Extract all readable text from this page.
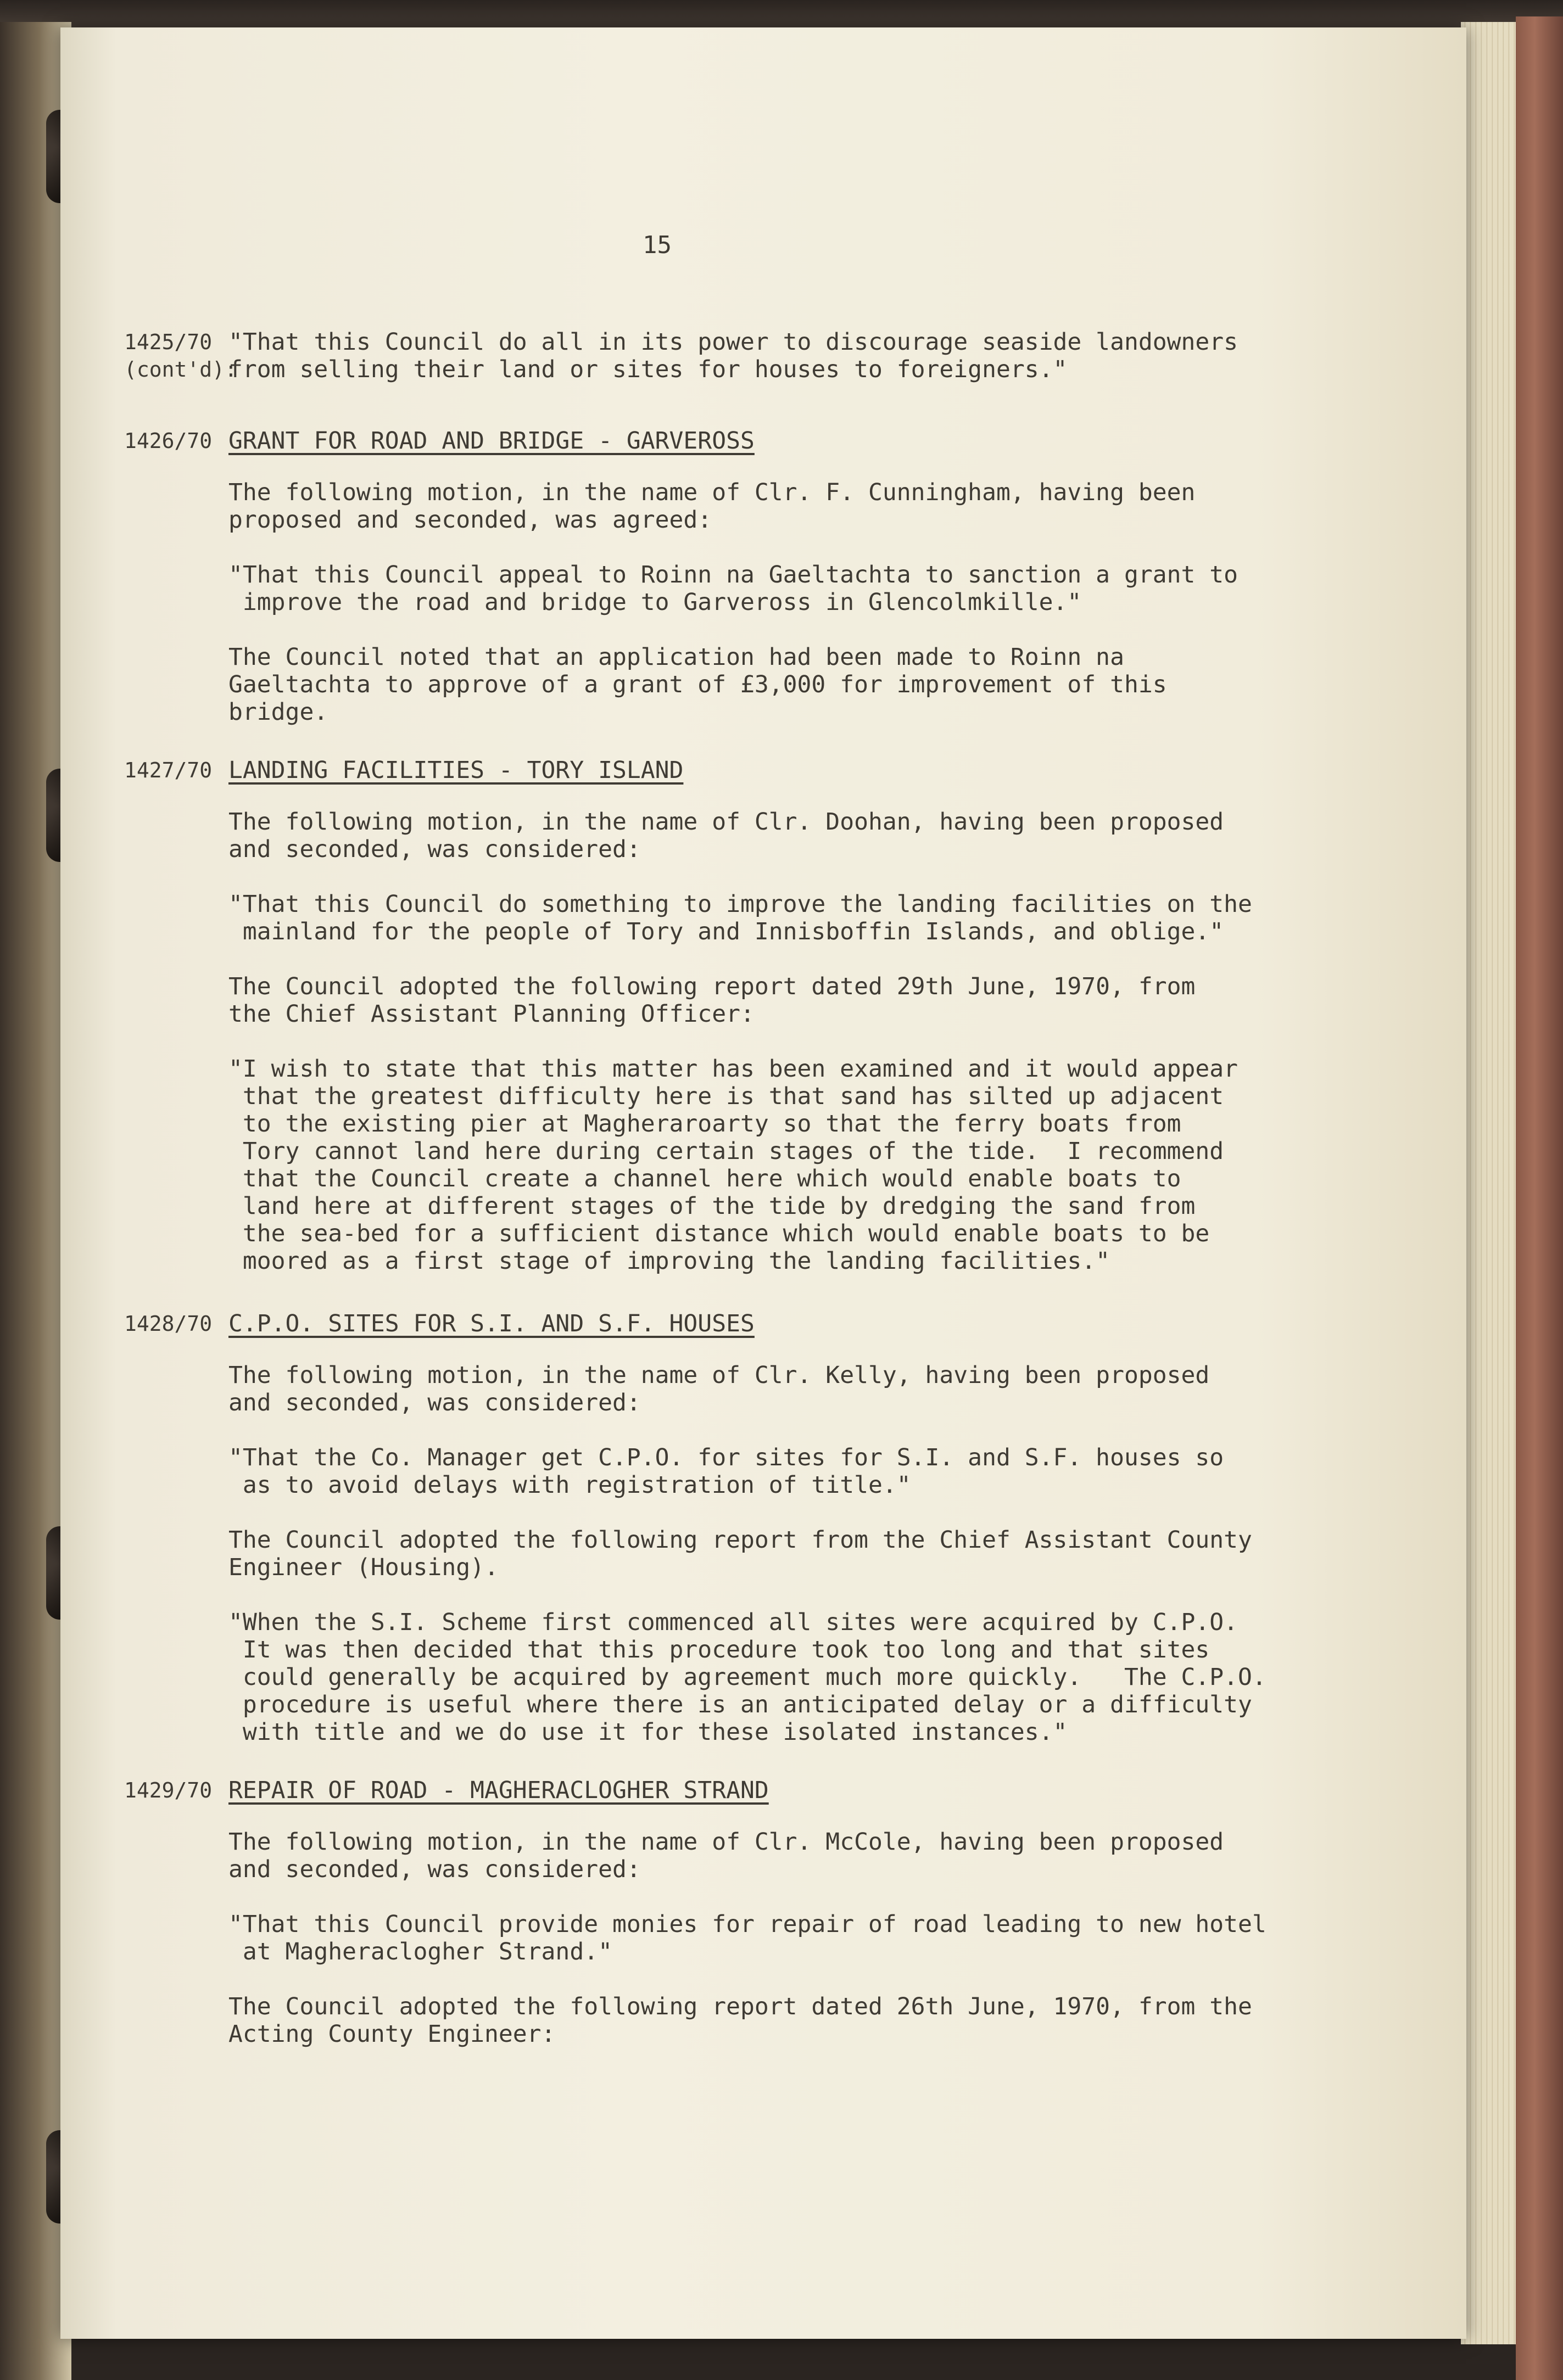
15
1425/70
(cont'd):

"That this Council do all in its power to discourage seaside landowners
from selling their land or sites for houses to foreigners."

1426/70 GRANT FOR ROAD AND BRIDGE - GARVEROSS

The following motion, in the name of Clr. F. Cunningham, having been
proposed and seconded, was agreed:

"That this Council appeal to Roinn na Gaeltachta to sanction a grant to
improve the road and bridge to Garveross in Glencolmkille."

The Council noted that an application had been made to Roinn na
Gaeltachta to approve of a grant of £3,000 for improvement of this
bridge.

1427/70 LANDING FACILITIES - TORY ISLAND

The following motion, in the name of Clr. Doohan, having been proposed
and seconded, was considered:

"That this Council do something to improve the landing facilities on the
mainland for the people of Tory and Innisboffin Islands, and oblige."

The Council adopted the following report dated 29th June, 1970, from
the Chief Assistant Planning Officer:

"I wish to state that this matter has been examined and it would appear
that the greatest difficulty here is that sand has silted up adjacent
to the existing pier at Magheraroarty so that the ferry boats from
Tory cannot land here during certain stages of the tide.  I recommend
that the Council create a channel here which would enable boats to
land here at different stages of the tide by dredging the sand from
the sea-bed for a sufficient distance which would enable boats to be
moored as a first stage of improving the landing facilities."

1428/70 C.P.O. SITES FOR S.I. AND S.F. HOUSES

The following motion, in the name of Clr. Kelly, having been proposed
and seconded, was considered:

"That the Co. Manager get C.P.O. for sites for S.I. and S.F. houses so
as to avoid delays with registration of title."

The Council adopted the following report from the Chief Assistant County
Engineer (Housing).

"When the S.I. Scheme first commenced all sites were acquired by C.P.O.
It was then decided that this procedure took too long and that sites
could generally be acquired by agreement much more quickly.   The C.P.O.
procedure is useful where there is an anticipated delay or a difficulty
with title and we do use it for these isolated instances."

1429/70 REPAIR OF ROAD - MAGHERACLOGHER STRAND

The following motion, in the name of Clr. McCole, having been proposed
and seconded, was considered:

"That this Council provide monies for repair of road leading to new hotel
at Magheraclogher Strand."

The Council adopted the following report dated 26th June, 1970, from the
Acting County Engineer:
